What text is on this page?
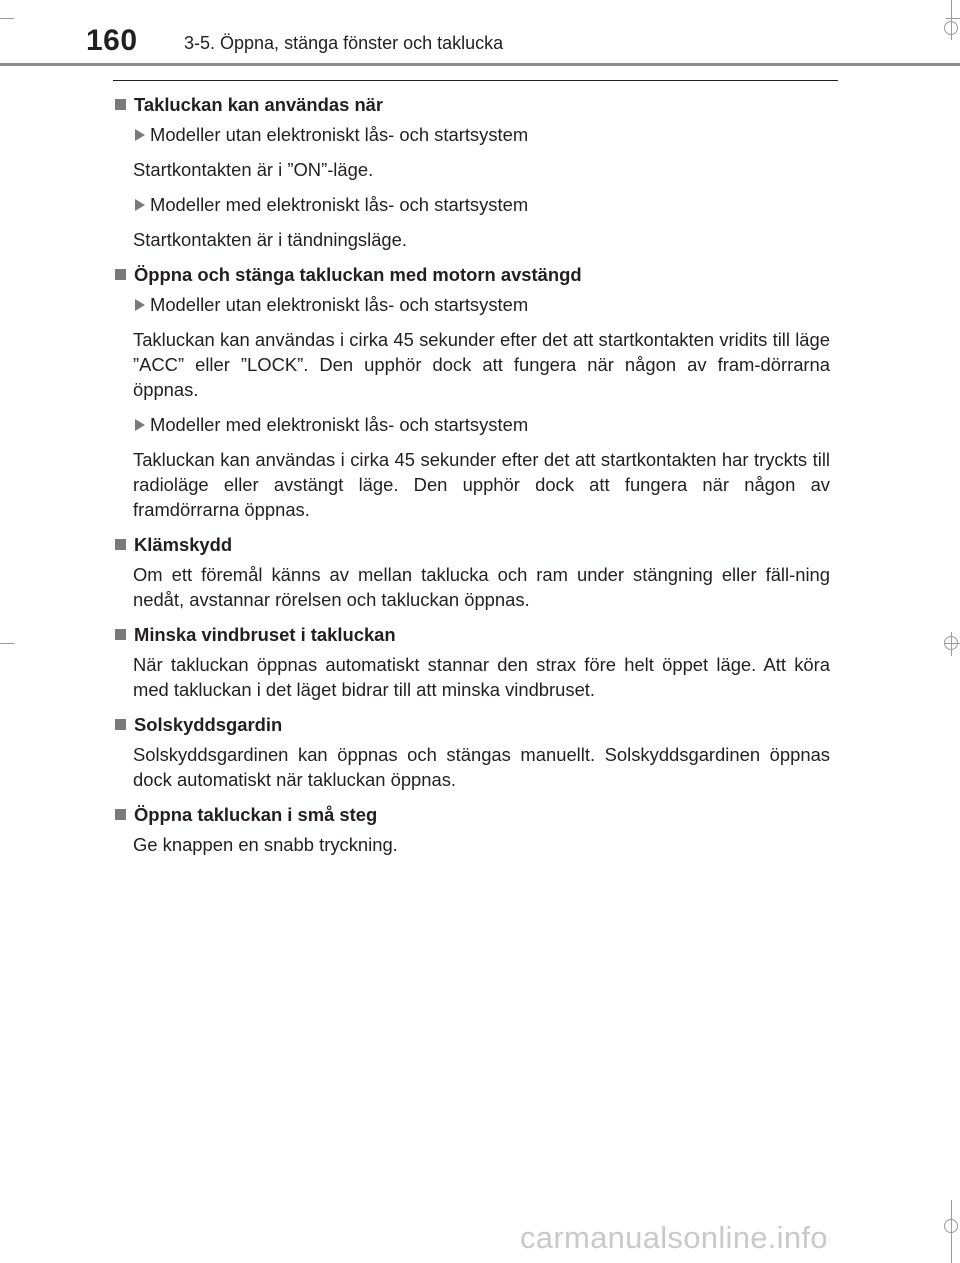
160	3-5. Öppna, stänga fönster och taklucka
Takluckan kan användas när
Modeller utan elektroniskt lås- och startsystem
Startkontakten är i ”ON”-läge.
Modeller med elektroniskt lås- och startsystem
Startkontakten är i tändningsläge.
Öppna och stänga takluckan med motorn avstängd
Modeller utan elektroniskt lås- och startsystem
Takluckan kan användas i cirka 45 sekunder efter det att startkontakten vridits till läge ”ACC” eller ”LOCK”. Den upphör dock att fungera när någon av fram-dörrarna öppnas.
Modeller med elektroniskt lås- och startsystem
Takluckan kan användas i cirka 45 sekunder efter det att startkontakten har tryckts till radioläge eller avstängt läge. Den upphör dock att fungera när någon av framdörrarna öppnas.
Klämskydd
Om ett föremål känns av mellan taklucka och ram under stängning eller fäll-ning nedåt, avstannar rörelsen och takluckan öppnas.
Minska vindbruset i takluckan
När takluckan öppnas automatiskt stannar den strax före helt öppet läge. Att köra med takluckan i det läget bidrar till att minska vindbruset.
Solskyddsgardin
Solskyddsgardinen kan öppnas och stängas manuellt. Solskyddsgardinen öppnas dock automatiskt när takluckan öppnas.
Öppna takluckan i små steg
Ge knappen en snabb tryckning.
carmanualsonline.info
